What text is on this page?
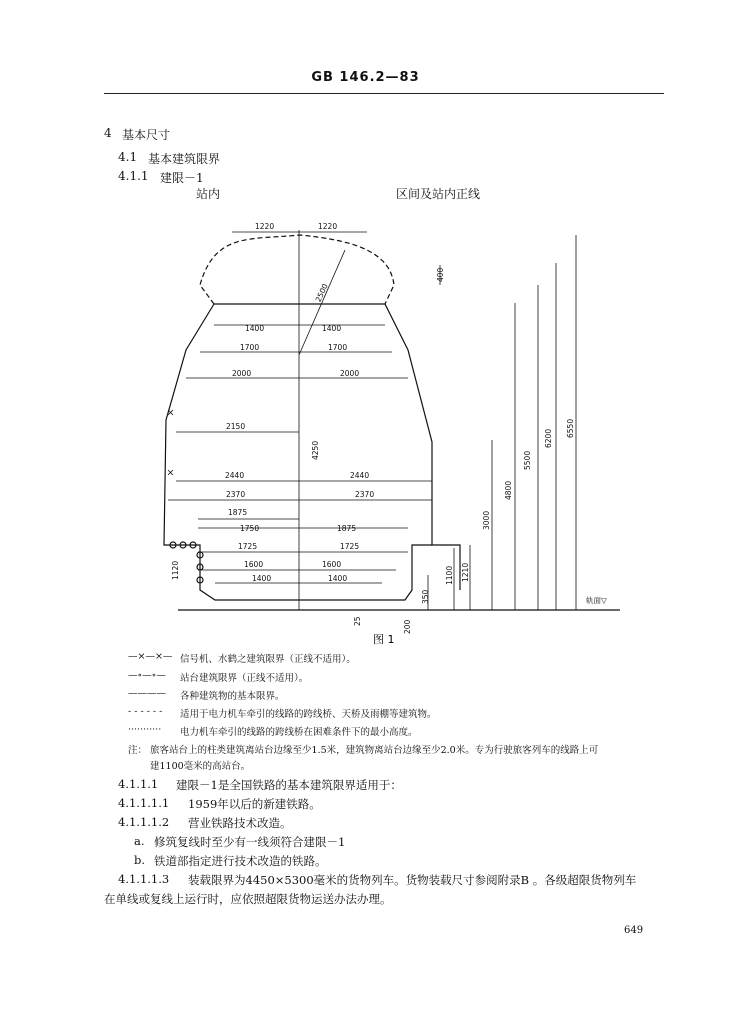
GB 146.2—83
4 基本尺寸
4.1 基本建筑限界
4.1.1 建限－1
站内	区间及站内正线
1220	1220
2500
400
1400	1400
1700	1700
2000	2000
2150
2440	2440
2370	2370
1875
1875
1750
1725	1725
1600	1600
1400	1400
4250
4800
5500
6200
6550
3000
1100 1210
1120
350
200
25
轨面▽
图 1
—×—×— 信号机、水鹤之建筑限界（正线不适用）。
—∘—∘— 站台建筑限界（正线不适用）。
———— 各种建筑物的基本限界。
- - - - - - 适用于电力机车牵引的线路的跨线桥、天桥及雨棚等建筑物。
··········· 电力机车牵引的线路的跨线桥在困难条件下的最小高度。
注： 旅客站台上的柱类建筑离站台边缘至少1.5米，建筑物离站台边缘至少2.0米。专为行驶旅客列车的线路上可
建1100毫米的高站台。
4.1.1.1 建限－1是全国铁路的基本建筑限界适用于：
4.1.1.1.1 1959年以后的新建铁路。
4.1.1.1.2 营业铁路技术改造。
a. 修筑复线时至少有一线须符合建限－1
b. 铁道部指定进行技术改造的铁路。
4.1.1.1.3 装载限界为4450×5300毫米的货物列车。货物装载尺寸参阅附录B 。各级超限货物列车
在单线或复线上运行时，应依照超限货物运送办法办理。
649
